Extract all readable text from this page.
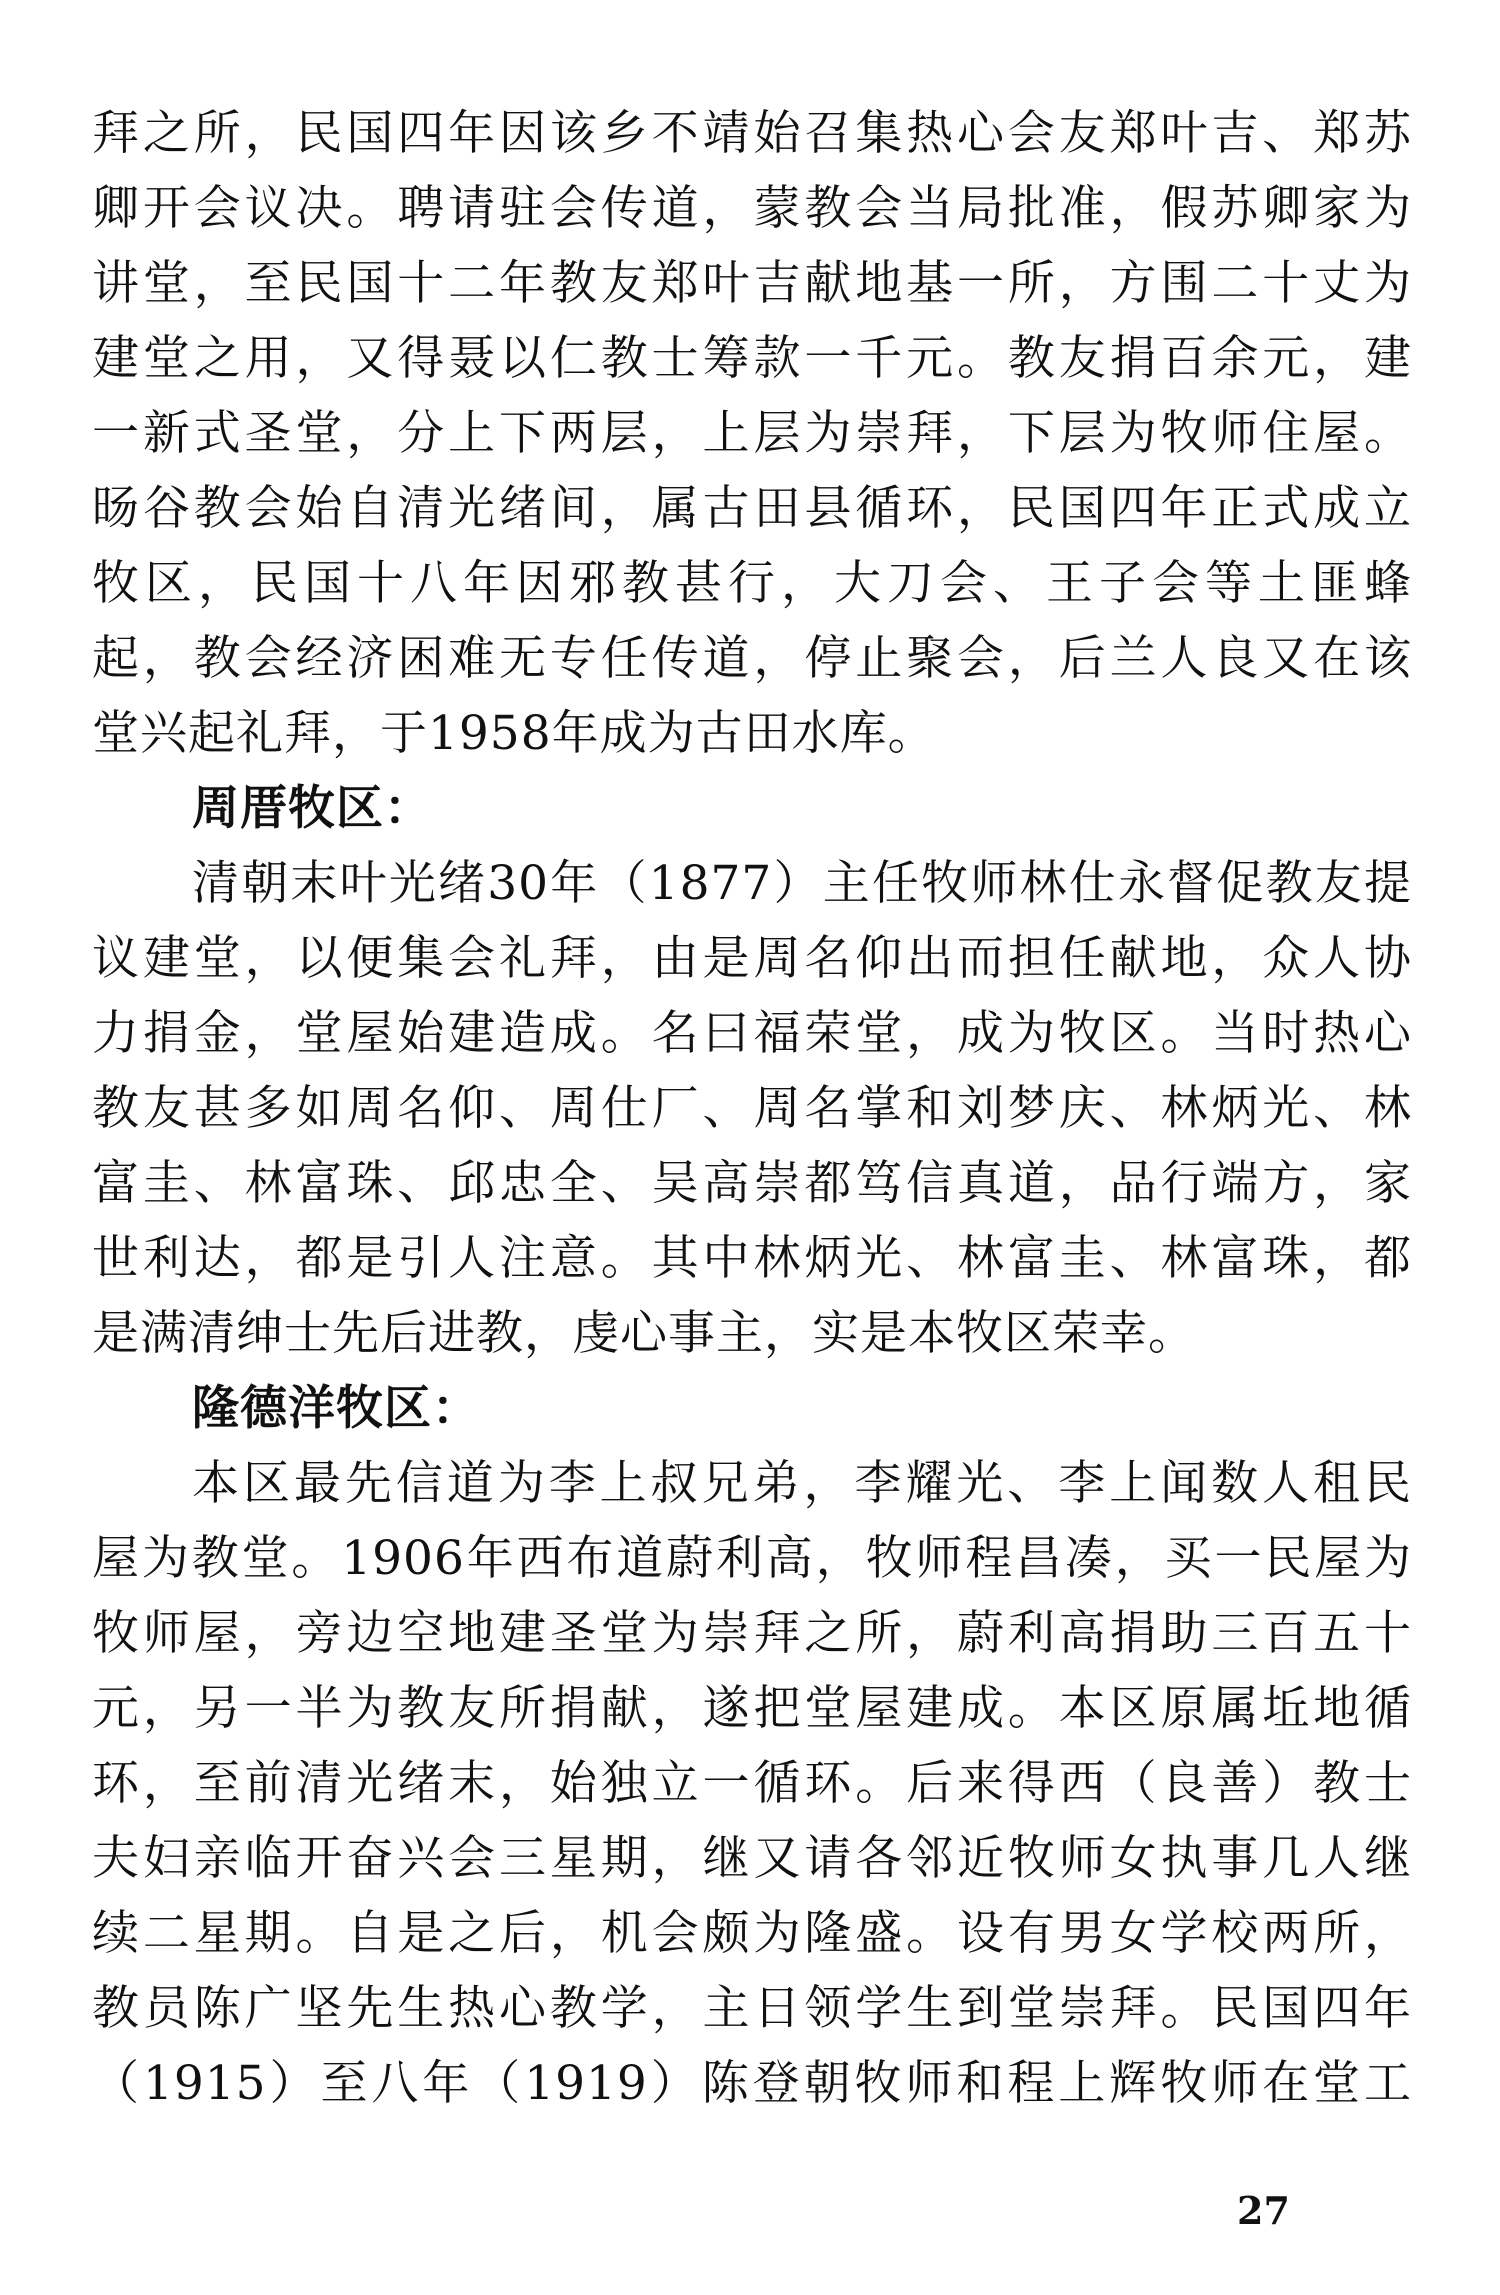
拜之所，民国四年因该乡不靖始召集热心会友郑叶吉、郑苏
卿开会议决。聘请驻会传道，蒙教会当局批准，假苏卿家为
讲堂，至民国十二年教友郑叶吉献地基一所，方围二十丈为
建堂之用，又得聂以仁教士筹款一千元。教友捐百余元，建
一新式圣堂，分上下两层，上层为崇拜，下层为牧师住屋。
旸谷教会始自清光绪间，属古田县循环，民国四年正式成立
牧区，民国十八年因邪教甚行，大刀会、王子会等土匪蜂
起，教会经济困难无专任传道，停止聚会，后兰人良又在该
堂兴起礼拜，于1958年成为古田水库。
周厝牧区：
清朝末叶光绪30年（1877）主任牧师林仕永督促教友提
议建堂，以便集会礼拜，由是周名仰出而担任献地，众人协
力捐金，堂屋始建造成。名曰福荣堂，成为牧区。当时热心
教友甚多如周名仰、周仕厂、周名掌和刘梦庆、林炳光、林
富圭、林富珠、邱忠全、吴高崇都笃信真道，品行端方，家
世利达，都是引人注意。其中林炳光、林富圭、林富珠，都
是满清绅士先后进教，虔心事主，实是本牧区荣幸。
隆德洋牧区：
本区最先信道为李上叔兄弟，李耀光、李上闻数人租民
屋为教堂。1906年西布道蔚利高，牧师程昌凑，买一民屋为
牧师屋，旁边空地建圣堂为崇拜之所，蔚利高捐助三百五十
元，另一半为教友所捐献，遂把堂屋建成。本区原属坵地循
环，至前清光绪末，始独立一循环。后来得西（良善）教士
夫妇亲临开奋兴会三星期，继又请各邻近牧师女执事几人继
续二星期。自是之后，机会颇为隆盛。设有男女学校两所，
教员陈广坚先生热心教学，主日领学生到堂崇拜。民国四年
（1915）至八年（1919）陈登朝牧师和程上辉牧师在堂工
27
